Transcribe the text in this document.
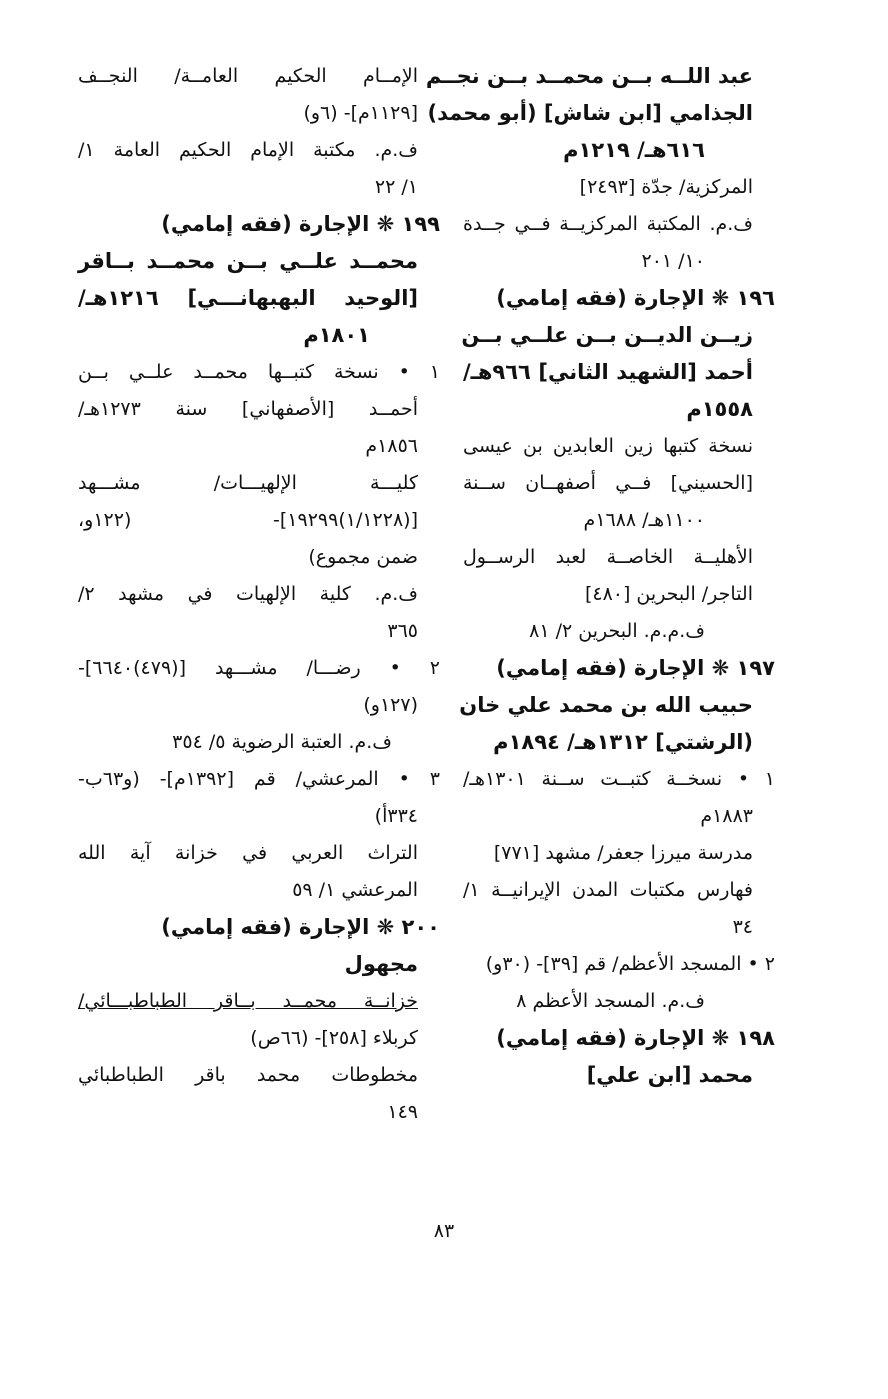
عبد اللــه بــن محمــد بــن نجــم
الجذامي [ابن شاش] (أبو محمد)
٦١٦هـ/ ١٢١٩م
المركزية/ جدّة [٢٤٩٣]
ف.م. المكتبة المركزيــة فــي جــدة
١٠/ ٢٠١
١٩٦ ❋ الإجارة (فقه إمامي)
زيــن الديــن بــن علــي بــن
أحمد [الشهيد الثاني] ٩٦٦هـ/
١٥٥٨م
نسخة كتبها زين العابدين بن عيسى
[الحسيني] فــي أصفهــان ســنة
١١٠٠هـ/ ١٦٨٨م
الأهليــة الخاصــة لعبد الرســول
التاجر/ البحرين [٤٨٠]
ف.م.م. البحرين ٢/ ٨١
١٩٧ ❋ الإجارة (فقه إمامي)
حبيب الله بن محمد علي خان
(الرشتي] ١٣١٢هـ/ ١٨٩٤م
١ • نسخــة كتبــت ســنة ١٣٠١هـ/
١٨٨٣م
مدرسة ميرزا جعفر/ مشهد [٧٧١]
فهارس مكتبات المدن الإيرانيــة ١/
٣٤
٢ • المسجد الأعظم/ قم [٣٩]- (٣٠و)
ف.م. المسجد الأعظم ٨
١٩٨ ❋ الإجارة (فقه إمامي)
محمد [ابن علي]
الإمــام الحكيم العامــة/ النجــف
[١١٢٩م]- (٦و)
ف.م. مكتبة الإمام الحكيم العامة ١/
١/ ٢٢
١٩٩ ❋ الإجارة (فقه إمامي)
محمــد علــي بــن محمــد بــاقر
[الوحيد البهبهانـــي] ١٢١٦هـ/
١٨٠١م
١ • نسخة كتبــها محمــد علــي بــن
أحمــد [الأصفهاني] سنة ١٢٧٣هـ/
١٨٥٦م
كليـــة الإلهيـــات/ مشـــهد
[(١/١٢٢٨)١٩٢٩٩]- (١٢٢و،
ضمن مجموع)
ف.م. كلية الإلهيات في مشهد ٢/
٣٦٥
٢ • رضـــا/ مشـــهد [(٤٧٩)٦٦٤٠]-
(١٢٧و)
ف.م. العتبة الرضوية ٥/ ٣٥٤
٣ • المرعشي/ قم [١٣٩٢م]- (و٦٣ب-
٣٣٤أ)
التراث العربي في خزانة آية الله
المرعشي ١/ ٥٩
٢٠٠ ❋ الإجارة (فقه إمامي)
مجهول
خزانــة محمــد بــاقر الطباطبـــائي/
كربلاء [٢٥٨]- (٦٦ص)
مخطوطات محمد باقر الطباطبائي
١٤٩
٨٣
